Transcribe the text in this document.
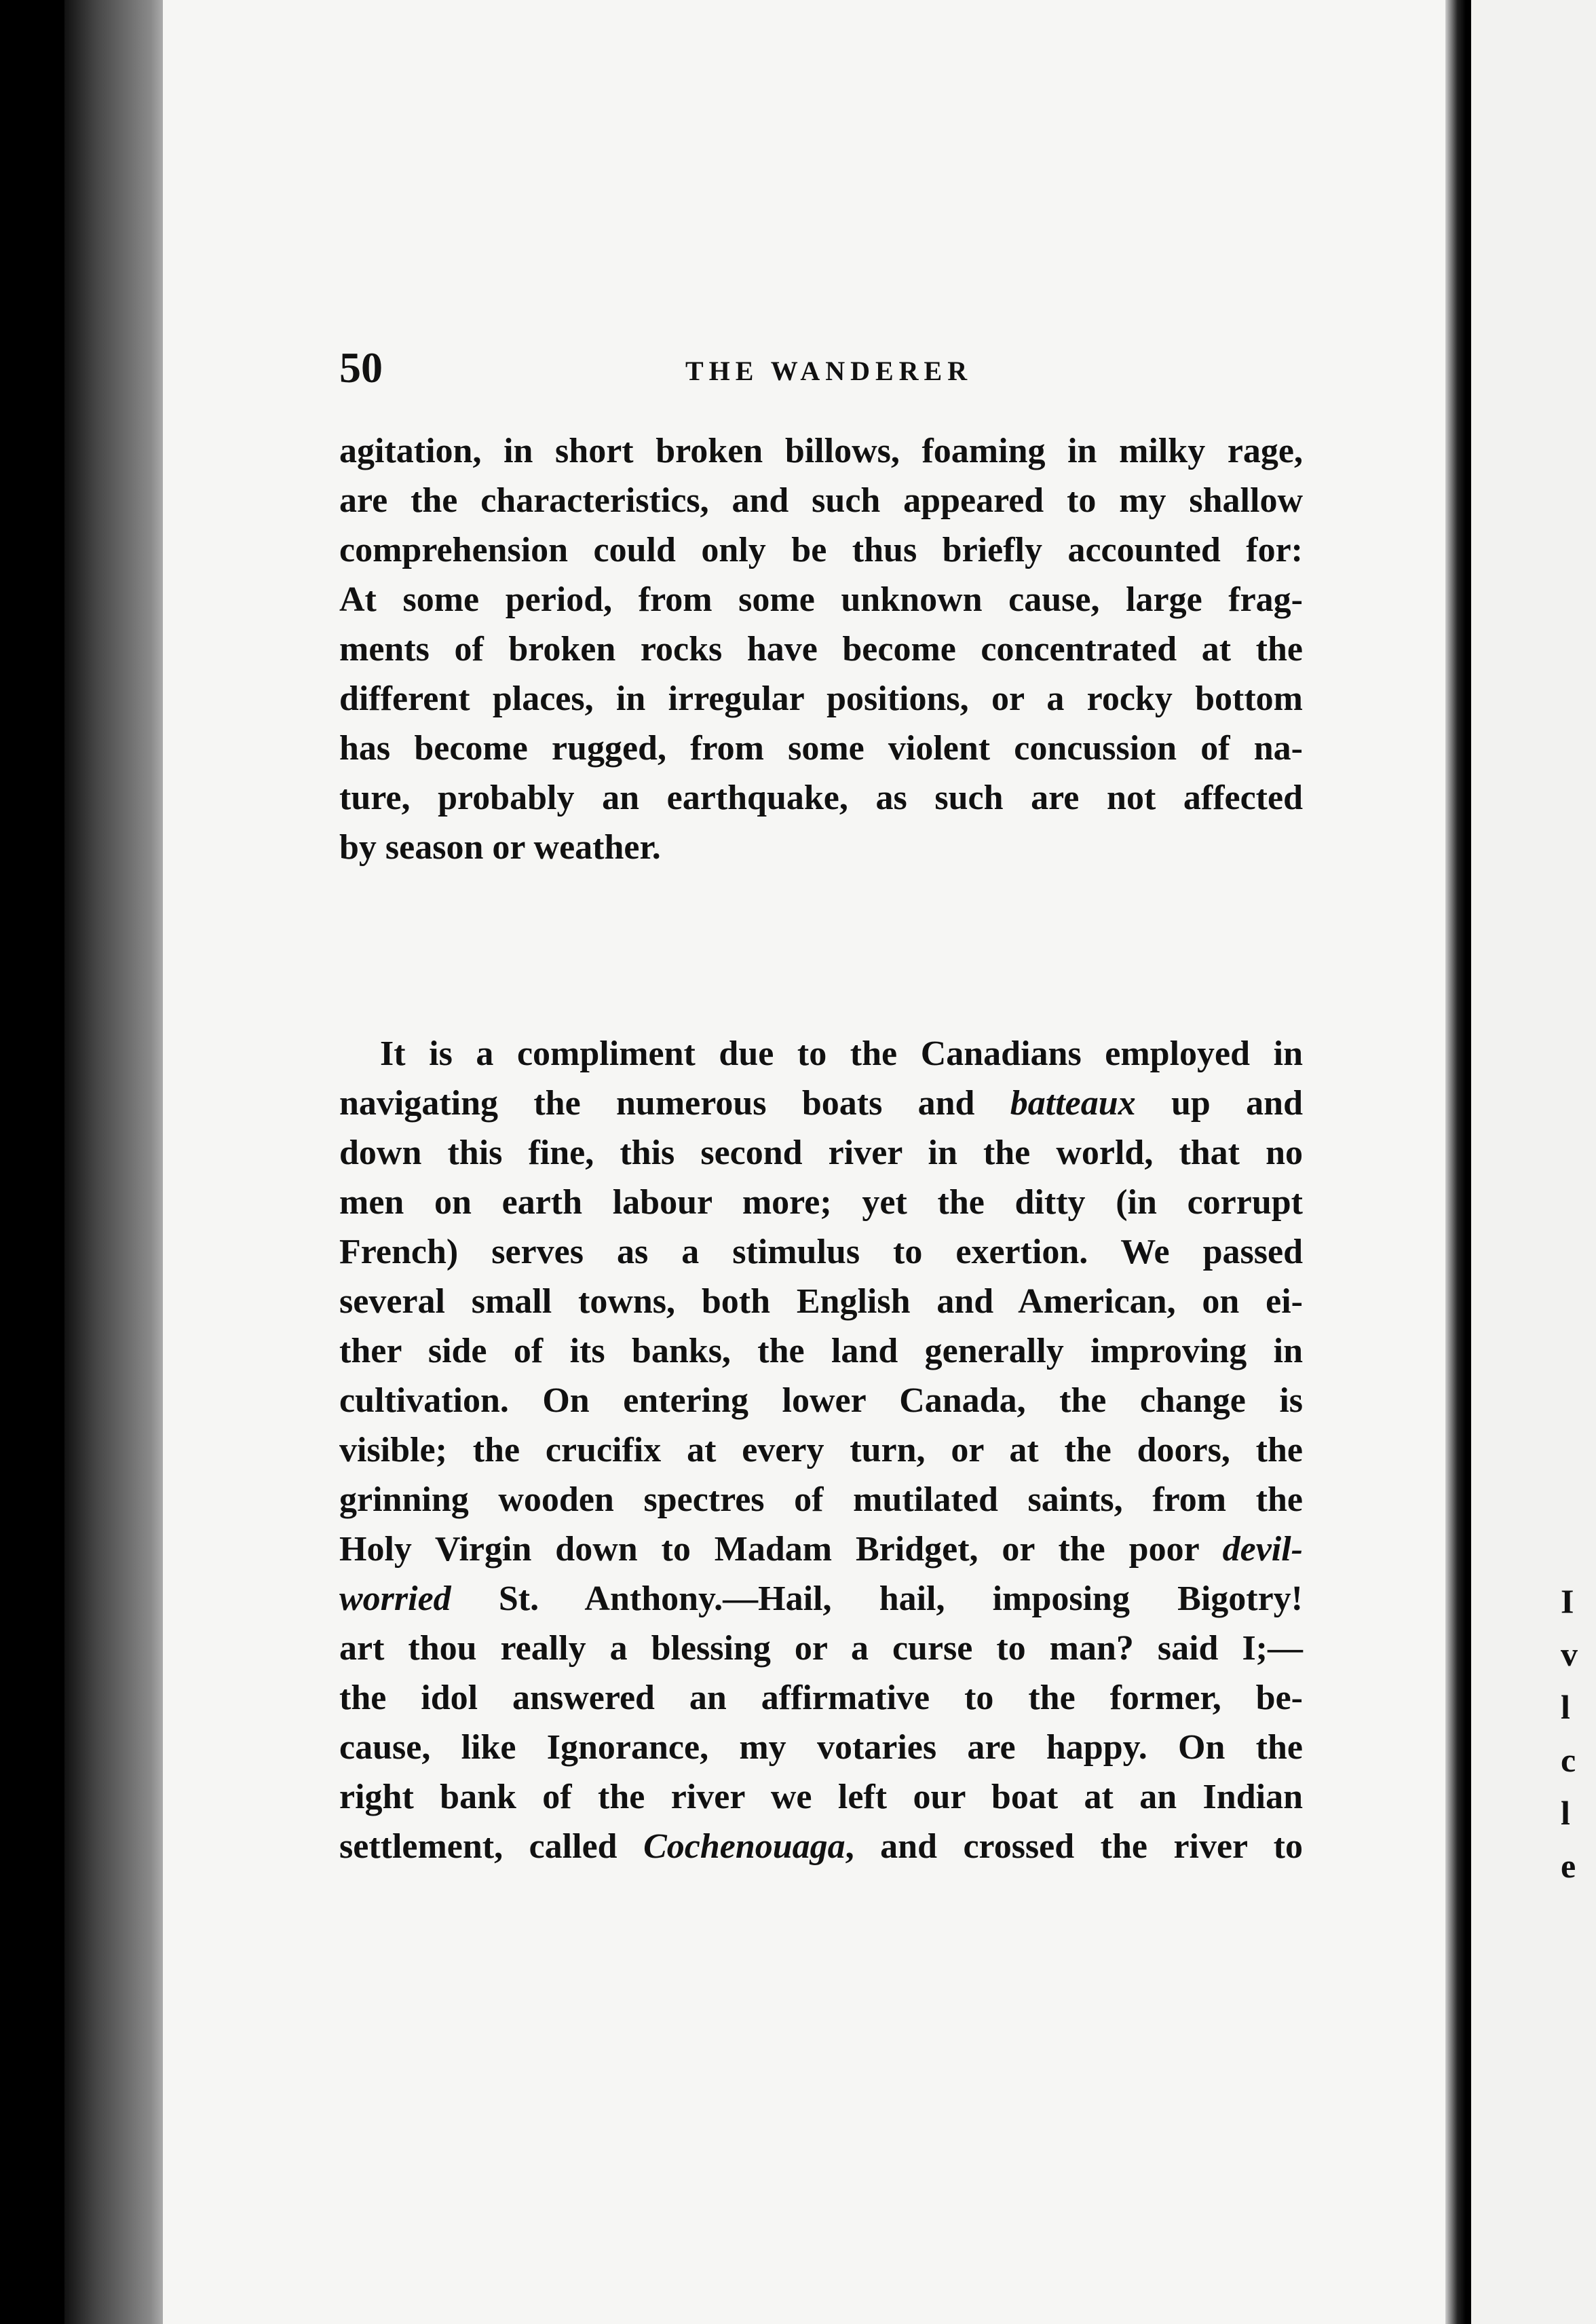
I
v
l
c
l
e
50	THE WANDERER
agitation, in short broken billows, foaming in milky rage,
are the characteristics, and such appeared to my shallow
comprehension could only be thus briefly accounted for:
At some period, from some unknown cause, large frag-
ments of broken rocks have become concentrated at the
different places, in irregular positions, or a rocky bottom
has become rugged, from some violent concussion of na-
ture, probably an earthquake, as such are not affected
by season or weather.
It is a compliment due to the Canadians employed in
navigating the numerous boats and batteaux up and
down this fine, this second river in the world, that no
men on earth labour more; yet the ditty (in corrupt
French) serves as a stimulus to exertion. We passed
several small towns, both English and American, on ei-
ther side of its banks, the land generally improving in
cultivation. On entering lower Canada, the change is
visible; the crucifix at every turn, or at the doors, the
grinning wooden spectres of mutilated saints, from the
Holy Virgin down to Madam Bridget, or the poor devil-
worried St. Anthony.—Hail, hail, imposing Bigotry!
art thou really a blessing or a curse to man? said I;—
the idol answered an affirmative to the former, be-
cause, like Ignorance, my votaries are happy. On the
right bank of the river we left our boat at an Indian
settlement, called Cochenouaga, and crossed the river to
